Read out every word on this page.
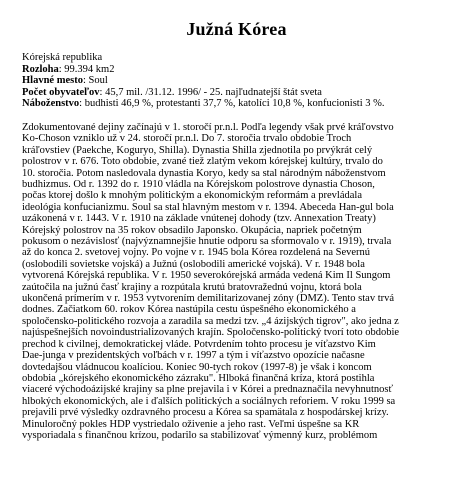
Južná Kórea
Kórejská republika
Rozloha: 99.394 km2
Hlavné mesto: Soul
Počet obyvateľov: 45,7 mil. /31.12. 1996/ - 25. najľudnatejší štát sveta
Náboženstvo: budhisti 46,9 %, protestanti 37,7 %, katolíci 10,8 %, konfucionisti 3 %.
Zdokumentované dejiny začínajú v 1. storočí pr.n.l. Podľa legendy však prvé kráľovstvo
Ko-Choson vzniklo už v 24. storočí pr.n.l. Do 7. storočia trvalo obdobie Troch
kráľovstiev (Paekche, Koguryo, Shilla). Dynastia Shilla zjednotila po prvýkrát celý
polostrov v r. 676. Toto obdobie, zvané tiež zlatým vekom kórejskej kultúry, trvalo do
10. storočia. Potom nasledovala dynastia Koryo, kedy sa stal národným náboženstvom
budhizmus. Od r. 1392 do r. 1910 vládla na Kórejskom polostrove dynastia Choson,
počas ktorej došlo k mnohým politickým a ekonomickým reformám a prevládala
ideológia konfucianizmu. Soul sa stal hlavným mestom v r. 1394. Abeceda Han-gul bola
uzákonená v r. 1443. V r. 1910 na základe vnútenej dohody (tzv. Annexation Treaty)
Kórejský polostrov na 35 rokov obsadilo Japonsko. Okupácia, napriek početným
pokusom o nezávislosť (najvýznamnejšie hnutie odporu sa sformovalo v r. 1919), trvala
až do konca 2. svetovej vojny. Po vojne v r. 1945 bola Kórea rozdelená na Severnú
(oslobodili sovietske vojská) a Južnú (oslobodili americké vojská). V r. 1948 bola
vytvorená Kórejská republika. V r. 1950 severokórejská armáda vedená Kim Il Sungom
zaútočila na južnú časť krajiny a rozpútala krutú bratovražednú vojnu, ktorá bola
ukončená prímerím v r. 1953 vytvorením demilitarizovanej zóny (DMZ). Tento stav trvá
dodnes. Začiatkom 60. rokov Kórea nastúpila cestu úspešného ekonomického a
spoločensko-politického rozvoja a zaradila sa medzi tzv. „4 ázijských tigrov", ako jedna z
najúspešnejších novoindustrializovaných krajín. Spoločensko-politický tvorí toto obdobie
prechod k civilnej, demokratickej vláde. Potvrdením tohto procesu je víťazstvo Kim
Dae-junga v prezidentských voľbách v r. 1997 a tým i víťazstvo opozície načasne
dovtedajšou vládnucou koalíciou. Koniec 90-tych rokov (1997-8) je však i koncom
obdobia „kórejského ekonomického zázraku". Hlboká finančná kríza, ktorá postihla
viaceré východoázijské krajiny sa plne prejavila i v Kórei a prednaznačila nevyhnutnosť
hlbokých ekonomických, ale i ďalších politických a sociálnych reforiem. V roku 1999 sa
prejavili prvé výsledky ozdravného procesu a Kórea sa spamätala z hospodárskej krízy.
Minuloročný pokles HDP vystriedalo oživenie a jeho rast. Veľmi úspešne sa KR
vysporiadala s finančnou krízou, podarilo sa stabilizovať výmenný kurz, problémom
